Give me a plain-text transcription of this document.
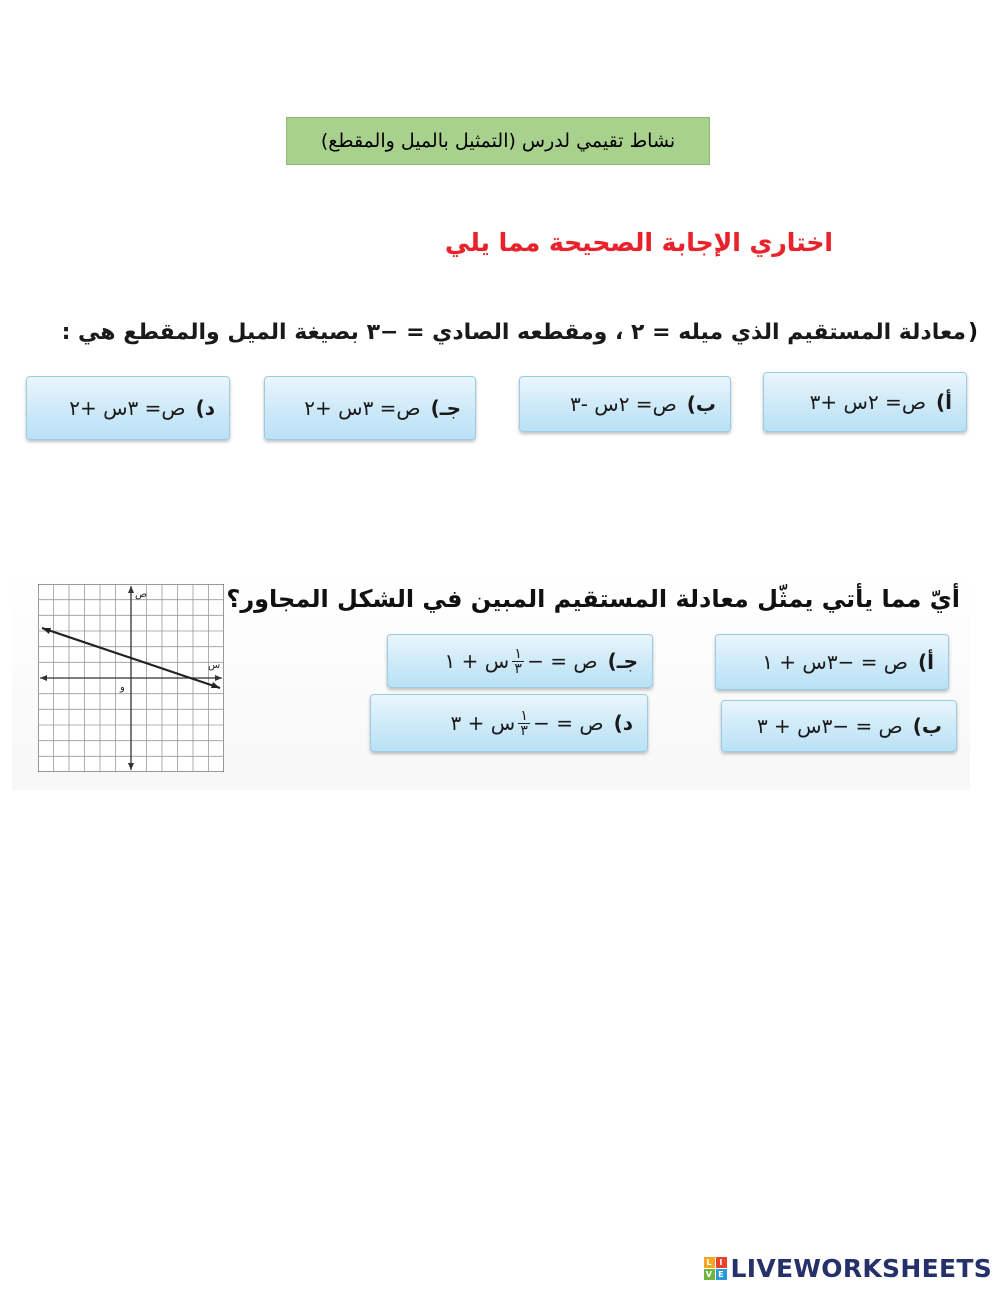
نشاط تقيمي لدرس (التمثيل بالميل والمقطع)
اختاري الإجابة الصحيحة مما يلي
معادلة المستقيم الذي ميله = ٢ ، ومقطعه الصادي = −٣ بصيغة الميل والمقطع هي : )
أ)
ص= ٢س +٣
ب)
ص= ٢س -٣
جـ)
ص= ٣س +٢
د)
ص= ٣س +٢
أيّ مما يأتي يمثّل معادلة المستقيم المبين في الشكل المجاور؟
ص
س
و
أ)
ص = −٣س + ١
ب)
ص = −٣س + ٣
جـ)
ص = −
$\frac{١}{٣}$
س + ١
د)
ص = −
$\frac{١}{٣}$
س + ٣
L I
V E LIVEWORKSHEETS
